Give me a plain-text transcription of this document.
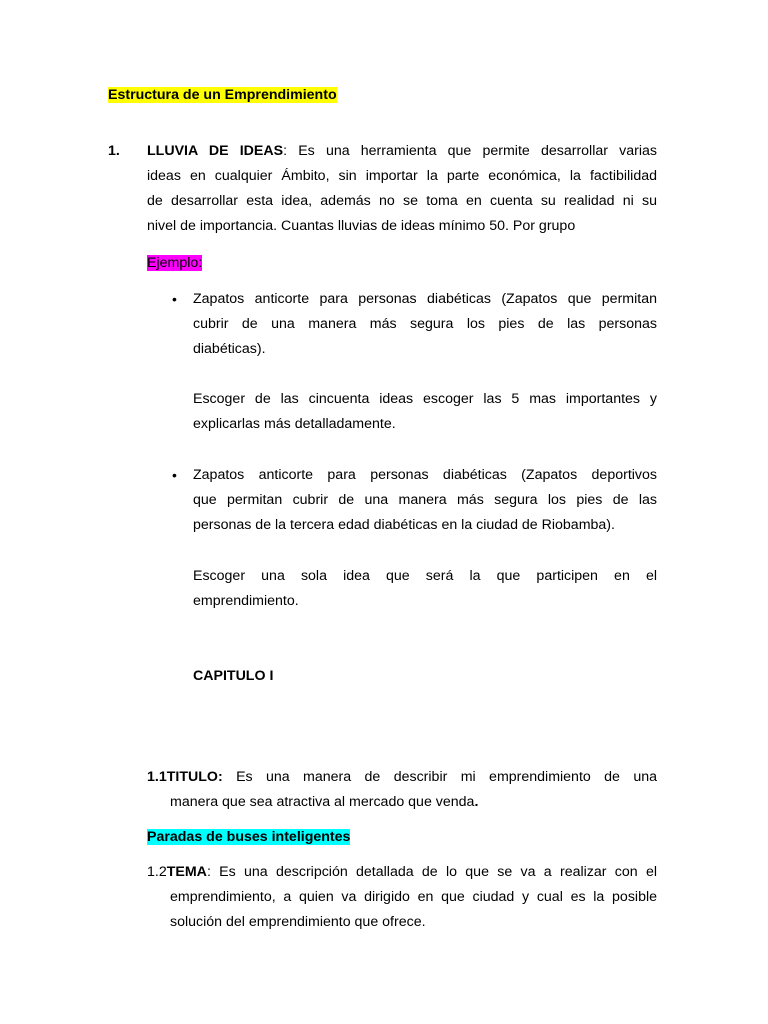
Estructura de un Emprendimiento
1. LLUVIA DE IDEAS: Es una herramienta que permite desarrollar varias
ideas en cualquier Ámbito, sin importar la parte económica, la factibilidad
de desarrollar esta idea, además no se toma en cuenta su realidad ni su
nivel de importancia. Cuantas lluvias de ideas mínimo 50. Por grupo
Ejemplo:
• Zapatos anticorte para personas diabéticas (Zapatos que permitan
cubrir de una manera más segura los pies de las personas
diabéticas).
Escoger de las cincuenta ideas escoger las 5 mas importantes y
explicarlas más detalladamente.
• Zapatos anticorte para personas diabéticas (Zapatos deportivos
que permitan cubrir de una manera más segura los pies de las
personas de la tercera edad diabéticas en la ciudad de Riobamba).
Escoger una sola idea que será la que participen en el
emprendimiento.
CAPITULO I
1.1TITULO: Es una manera de describir mi emprendimiento de una
manera que sea atractiva al mercado que venda.
Paradas de buses inteligentes
1.2TEMA: Es una descripción detallada de lo que se va a realizar con el
emprendimiento, a quien va dirigido en que ciudad y cual es la posible
solución del emprendimiento que ofrece.
